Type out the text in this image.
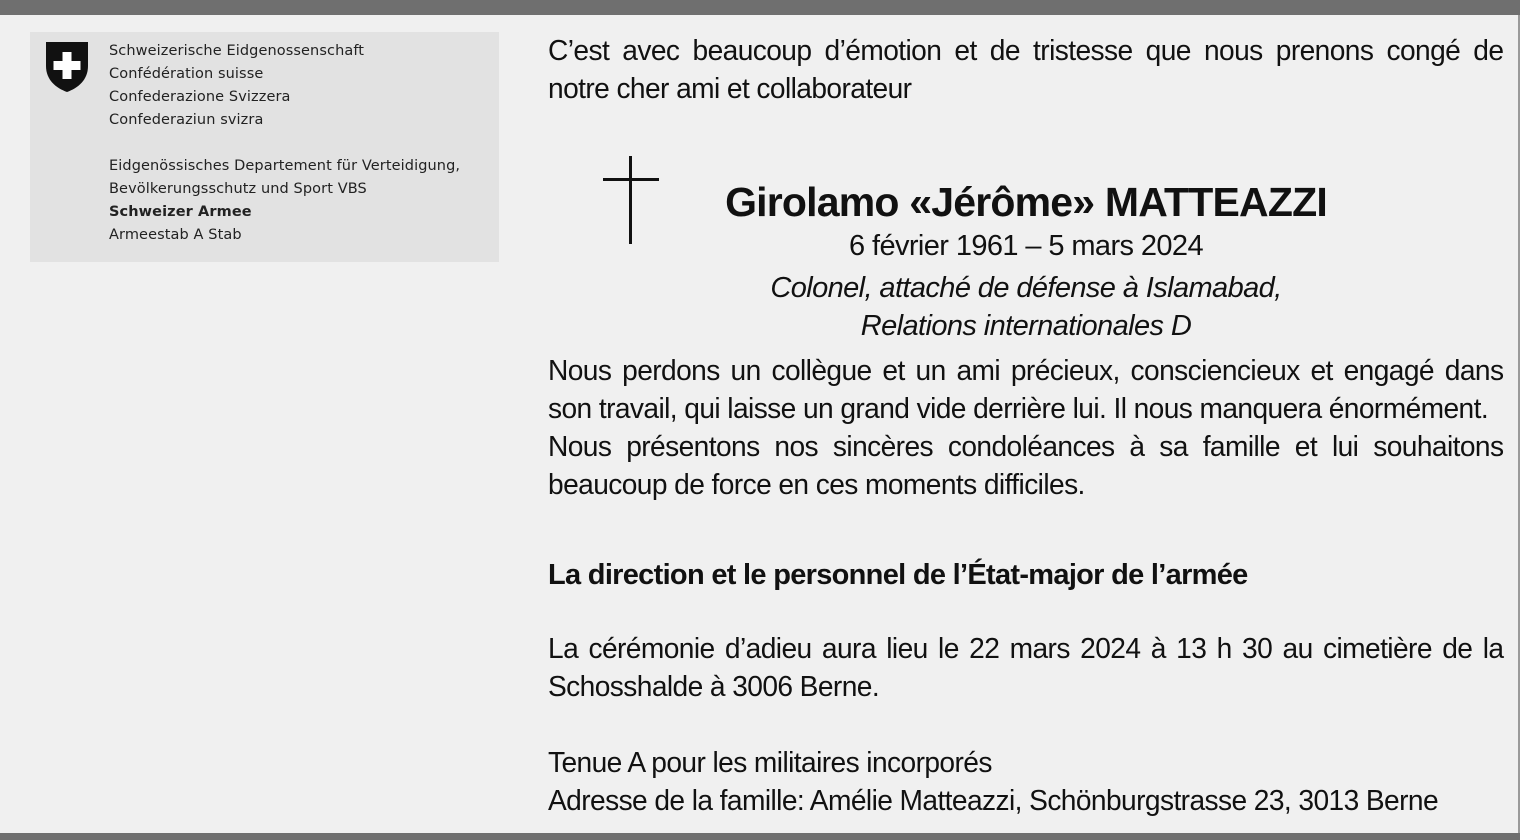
Schweizerische Eidgenossenschaft
Confédération suisse
Confederazione Svizzera
Confederaziun svizra
Eidgenössisches Departement für Verteidigung,
Bevölkerungsschutz und Sport VBS
Schweizer Armee
Armeestab A Stab

C’est avec beaucoup d’émotion et de tristesse que nous prenons congé de notre cher ami et collaborateur

Girolamo «Jérôme» MATTEAZZI

6 février 1961 – 5 mars 2024

Colonel, attaché de défense à Islamabad,
Relations internationales D

Nous perdons un collègue et un ami précieux, consciencieux et engagé dans son travail, qui laisse un grand vide derrière lui. Il nous manquera énormément.
Nous présentons nos sincères condoléances à sa famille et lui souhaitons beaucoup de force en ces moments difficiles.

La direction et le personnel de l’État-major de l’armée

La cérémonie d’adieu aura lieu le 22 mars 2024 à 13 h 30 au cimetière de la Schosshalde à 3006 Berne.

Tenue A pour les militaires incorporés
Adresse de la famille: Amélie Matteazzi, Schönburgstrasse 23, 3013 Berne
